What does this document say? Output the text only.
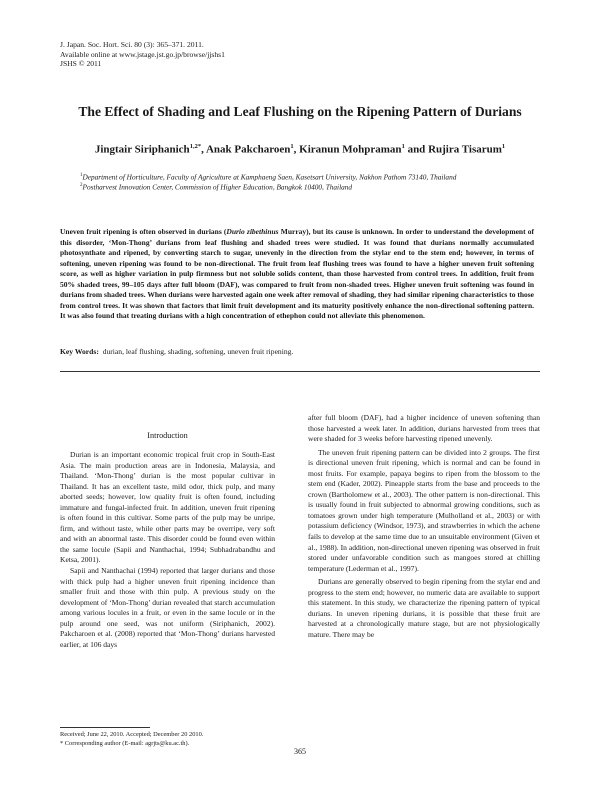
J. Japan. Soc. Hort. Sci. 80 (3): 365–371. 2011.
Available online at www.jstage.jst.go.jp/browse/jjshs1
JSHS © 2011
The Effect of Shading and Leaf Flushing on the Ripening Pattern of Durians
Jingtair Siriphanich$^{1,2*}$, Anak Pakcharoen$^1$, Kiranun Mohpraman$^1$ and Rujira Tisarum$^1$
$^1$Department of Horticulture, Faculty of Agriculture at Kamphaeng Saen, Kasetsart University, Nakhon Pathom 73140, Thailand
$^2$Postharvest Innovation Center, Commission of Higher Education, Bangkok 10400, Thailand
Uneven fruit ripening is often observed in durians (Durio zibethinus Murray), but its cause is unknown. In order to understand the development of this disorder, ‘Mon-Thong’ durians from leaf flushing and shaded trees were studied. It was found that durians normally accumulated photosynthate and ripened, by converting starch to sugar, unevenly in the direction from the stylar end to the stem end; however, in terms of softening, uneven ripening was found to be non-directional. The fruit from leaf flushing trees was found to have a higher uneven fruit softening score, as well as higher variation in pulp firmness but not soluble solids content, than those harvested from control trees. In addition, fruit from 50% shaded trees, 99–105 days after full bloom (DAF), was compared to fruit from non-shaded trees. Higher uneven fruit softening was found in durians from shaded trees. When durians were harvested again one week after removal of shading, they had similar ripening characteristics to those from control trees. It was shown that factors that limit fruit development and its maturity positively enhance the non-directional softening pattern. It was also found that treating durians with a high concentration of ethephon could not alleviate this phenomenon.
Key Words: durian, leaf flushing, shading, softening, uneven fruit ripening.
Introduction

Durian is an important economic tropical fruit crop in South-East Asia. The main production areas are in Indonesia, Malaysia, and Thailand. ‘Mon-Thong’ durian is the most popular cultivar in Thailand. It has an excellent taste, mild odor, thick pulp, and many aborted seeds; however, low quality fruit is often found, including immature and fungal-infected fruit. In addition, uneven fruit ripening is often found in this cultivar. Some parts of the pulp may be unripe, firm, and without taste, while other parts may be overripe, very soft and with an abnormal taste. This disorder could be found even within the same locule (Sapii and Nanthachai, 1994; Subhadrabandhu and Ketsa, 2001).

Sapii and Nanthachai (1994) reported that larger durians and those with thick pulp had a higher uneven fruit ripening incidence than smaller fruit and those with thin pulp. A previous study on the development of ‘Mon-Thong’ durian revealed that starch accumulation among various locules in a fruit, or even in the same locule or in the pulp around one seed, was not uniform (Siriphanich, 2002). Pakcharoen et al. (2008) reported that ‘Mon-Thong’ durians harvested earlier, at 106 days

after full bloom (DAF), had a higher incidence of uneven softening than those harvested a week later. In addition, durians harvested from trees that were shaded for 3 weeks before harvesting ripened unevenly.

The uneven fruit ripening pattern can be divided into 2 groups. The first is directional uneven fruit ripening, which is normal and can be found in most fruits. For example, papaya begins to ripen from the blossom to the stem end (Kader, 2002). Pineapple starts from the base and proceeds to the crown (Bartholomew et al., 2003). The other pattern is non-directional. This is usually found in fruit subjected to abnormal growing conditions, such as tomatoes grown under high temperature (Mulholland et al., 2003) or with potassium deficiency (Windsor, 1973), and strawberries in which the achene fails to develop at the same time due to an unsuitable environment (Given et al., 1988). In addition, non-directional uneven ripening was observed in fruit stored under unfavorable condition such as mangoes stored at chilling temperature (Lederman et al., 1997).

Durians are generally observed to begin ripening from the stylar end and progress to the stem end; however, no numeric data are available to support this statement. In this study, we characterize the ripening pattern of typical durians. In uneven ripening durians, it is possible that these fruit are harvested at a chronologically mature stage, but are not physiologically mature. There may be

Received; June 22, 2010. Accepted; December 20 2010.
* Corresponding author (E-mail: agrjts@ku.ac.th).
365
